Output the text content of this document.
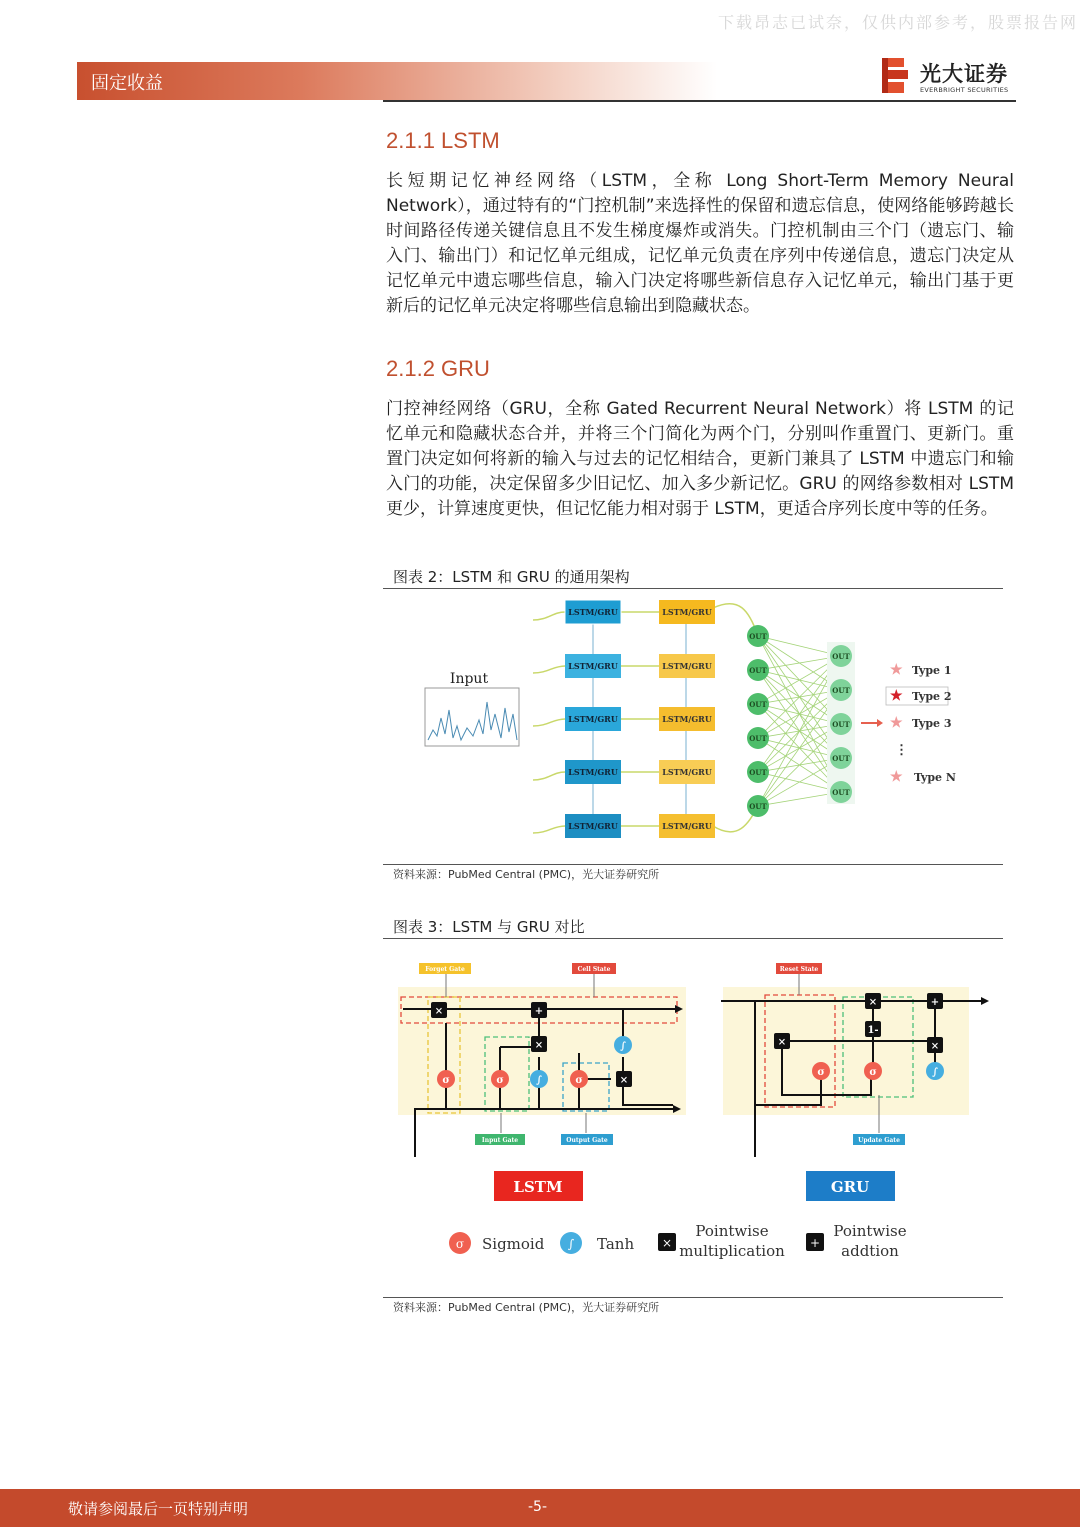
下载昂志已试奈，仅供内部参考，股票报告网
固定收益	光大证券
EVERBRIGHT SECURITIES
2.1.1 LSTM
长短期记忆神经网络（LSTM，全称 Long Short-Term Memory Neural Network），通过特有的“门控机制”来选择性的保留和遗忘信息，使网络能够跨越长时间路径传递关键信息且不发生梯度爆炸或消失。门控机制由三个门（遗忘门、输入门、输出门）和记忆单元组成，记忆单元负责在序列中传递信息，遗忘门决定从记忆单元中遗忘哪些信息，输入门决定将哪些新信息存入记忆单元，输出门基于更新后的记忆单元决定将哪些信息输出到隐藏状态。
2.1.2 GRU
门控神经网络（GRU，全称 Gated Recurrent Neural Network）将 LSTM 的记忆单元和隐藏状态合并，并将三个门简化为两个门，分别叫作重置门、更新门。重置门决定如何将新的输入与过去的记忆相结合，更新门兼具了 LSTM 中遗忘门和输入门的功能，决定保留多少旧记忆、加入多少新记忆。GRU 的网络参数相对 LSTM 更少，计算速度更快，但记忆能力相对弱于 LSTM，更适合序列长度中等的任务。
图表 2：LSTM 和 GRU 的通用架构
Input
LSTM/GRU
LSTM/GRU
LSTM/GRU
LSTM/GRU
LSTM/GRU
LSTM/GRU
LSTM/GRU
LSTM/GRU
LSTM/GRU
LSTM/GRU
OUT
OUT
OUT
OUT
OUT
OUT
OUT
OUT
OUT
OUT
OUT
★ Type 1
★ Type 2
★ Type 3
⋮
★ Type N
资料来源：PubMed Central (PMC)，光大证券研究所
图表 3：LSTM 与 GRU 对比
×	+
×
×
σ	σ	∫	σ
∫
Forget Gate	Cell State
Input Gate	Output Gate
×
×
1-
+
×
σ	σ	∫
Reset State
Update Gate
LSTM	GRU
σ Sigmoid ∫ Tanh ×
Pointwise
multiplication +
Pointwise
addtion
资料来源：PubMed Central (PMC)，光大证券研究所
敬请参阅最后一页特别声明	-5-
